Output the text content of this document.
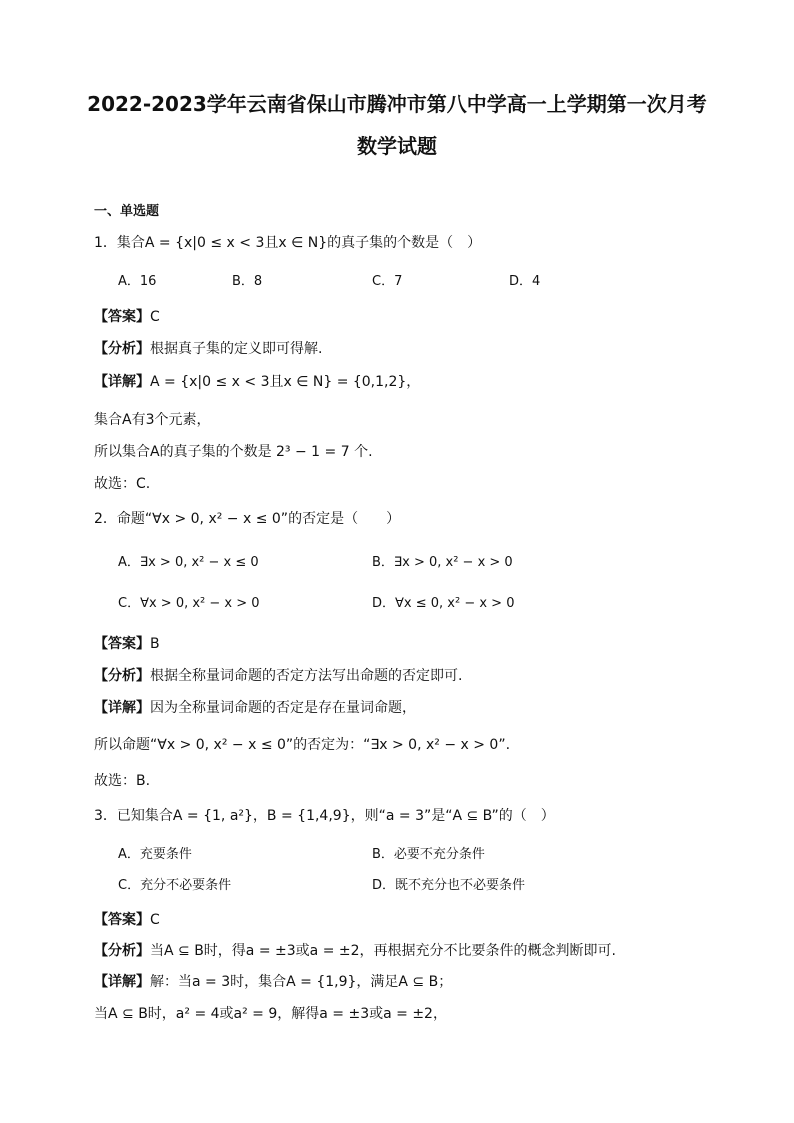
2022-2023学年云南省保山市腾冲市第八中学高一上学期第一次月考
数学试题
一、单选题
1．集合A = {x|0 ≤ x < 3且x ∈ N}的真子集的个数是（　）
A．16	B．8	C．7	D．4
【答案】C
【分析】根据真子集的定义即可得解.
【详解】A = {x|0 ≤ x < 3且x ∈ N} = {0,1,2}，
集合A有3个元素，
所以集合A的真子集的个数是 2³ − 1 = 7 个.
故选：C.
2．命题“∀x > 0, x² − x ≤ 0”的否定是（　　）
A．∃x > 0, x² − x ≤ 0	B．∃x > 0, x² − x > 0
C．∀x > 0, x² − x > 0	D．∀x ≤ 0, x² − x > 0
【答案】B
【分析】根据全称量词命题的否定方法写出命题的否定即可.
【详解】因为全称量词命题的否定是存在量词命题，
所以命题“∀x > 0, x² − x ≤ 0”的否定为：“∃x > 0, x² − x > 0”.
故选：B.
3．已知集合A = {1, a²}，B = {1,4,9}，则“a = 3”是“A ⊆ B”的（　）
A．充要条件	B．必要不充分条件
C．充分不必要条件	D．既不充分也不必要条件
【答案】C
【分析】当A ⊆ B时，得a = ±3或a = ±2，再根据充分不比要条件的概念判断即可.
【详解】解：当a = 3时，集合A = {1,9}，满足A ⊆ B；
当A ⊆ B时，a² = 4或a² = 9，解得a = ±3或a = ±2，
